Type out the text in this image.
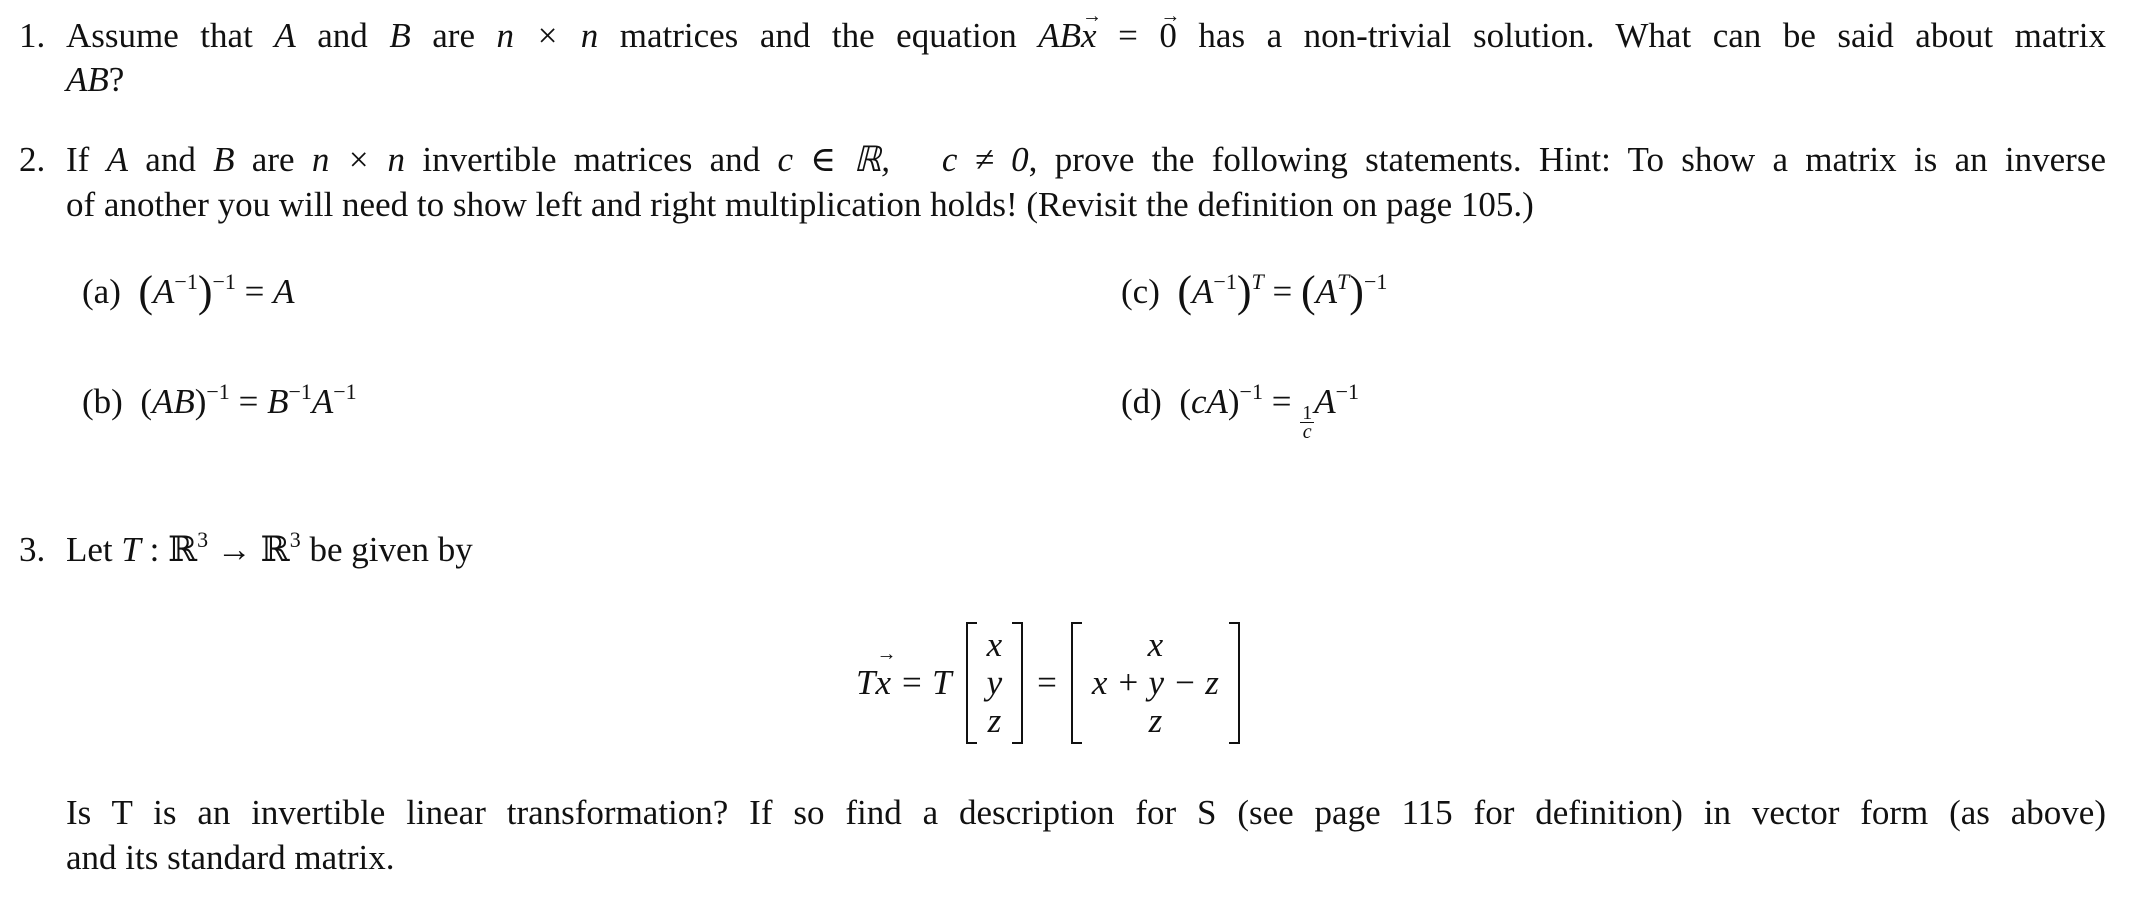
1. Assume that A and B are n × n matrices and the equation AB→ x = → 0 has a non-trivial solution. What can be said about matrix
AB?
2. If A and B are n × n invertible matrices and c ∈ ℝ,   c ≠ 0, prove the following statements. Hint: To show a matrix is an inverse
of another you will need to show left and right multiplication holds! (Revisit the definition on page 105.)
(a) $(A^{-1})^{-1} = A$
(b)  $(AB)^{-1} = B^{-1}A^{-1}$
(c) $(A^{-1})^T = (A^T)^{-1}$
(d)  (cA)$^{-1}$ =
$\frac{1}{c}$
$A^{-1}$
3. Let T : ℝ$^3$ → ℝ$^3$ be given by
T→ x = T
x
y
z
=
x
x + y − z
z
Is T is an invertible linear transformation? If so find a description for S (see page 115 for definition) in vector form (as above)
and its standard matrix.
